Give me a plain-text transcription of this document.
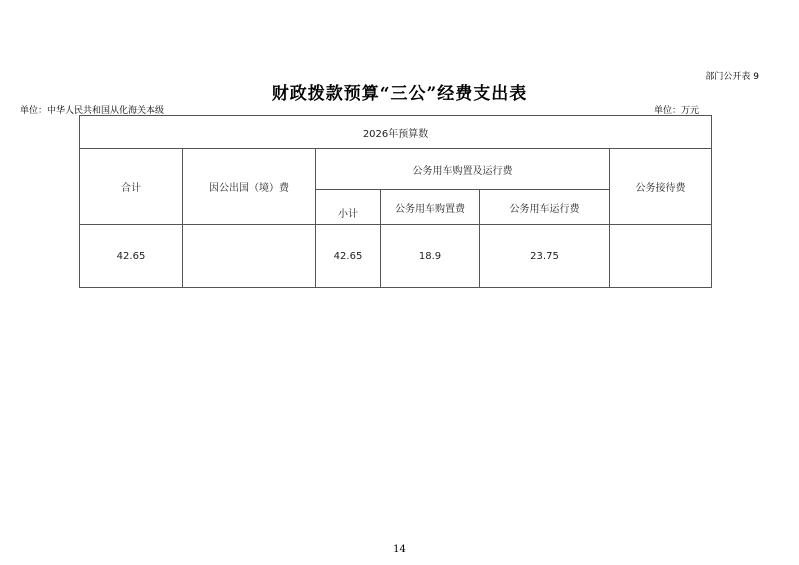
部门公开表 9
财政拨款预算“三公”经费支出表
单位：中华人民共和国从化海关本级	单位：万元
2026年预算数					
合计	因公出国（境）费	公务用车购置及运行费			公务接待费
		小计	公务用车购置费	公务用车运行费	
42.65		42.65	18.9	23.75	
14
